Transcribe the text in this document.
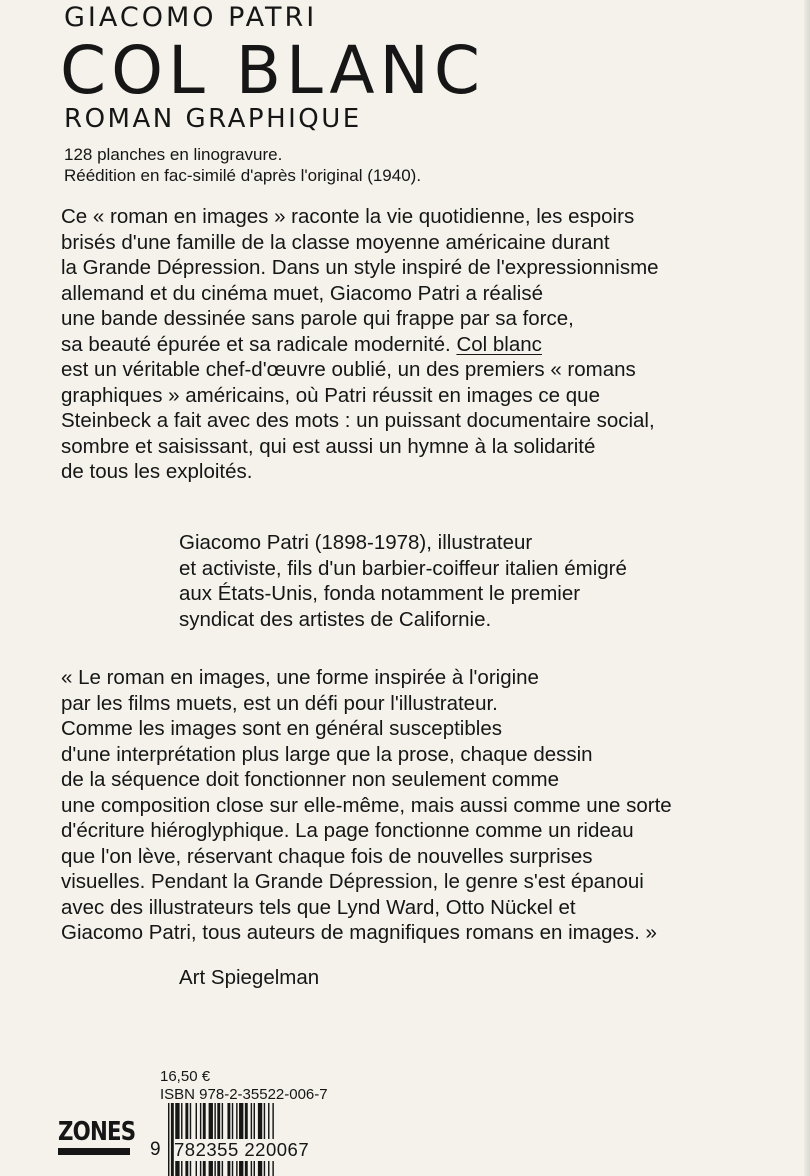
GIACOMO PATRI
COL BLANC
ROMAN GRAPHIQUE
128 planches en linogravure.
Réédition en fac-similé d'après l'original (1940).
Ce « roman en images » raconte la vie quotidienne, les espoirs
brisés d'une famille de la classe moyenne américaine durant
la Grande Dépression. Dans un style inspiré de l'expressionnisme
allemand et du cinéma muet, Giacomo Patri a réalisé
une bande dessinée sans parole qui frappe par sa force,
sa beauté épurée et sa radicale modernité. Col blanc
est un véritable chef-d'œuvre oublié, un des premiers « romans
graphiques » américains, où Patri réussit en images ce que
Steinbeck a fait avec des mots : un puissant documentaire social,
sombre et saisissant, qui est aussi un hymne à la solidarité
de tous les exploités.
Giacomo Patri (1898-1978), illustrateur
et activiste, fils d'un barbier-coiffeur italien émigré
aux États-Unis, fonda notamment le premier
syndicat des artistes de Californie.
« Le roman en images, une forme inspirée à l'origine
par les films muets, est un défi pour l'illustrateur.
Comme les images sont en général susceptibles
d'une interprétation plus large que la prose, chaque dessin
de la séquence doit fonctionner non seulement comme
une composition close sur elle-même, mais aussi comme une sorte
d'écriture hiéroglyphique. La page fonctionne comme un rideau
que l'on lève, réservant chaque fois de nouvelles surprises
visuelles. Pendant la Grande Dépression, le genre s'est épanoui
avec des illustrateurs tels que Lynd Ward, Otto Nückel et
Giacomo Patri, tous auteurs de magnifiques romans en images. »
Art Spiegelman
16,50 €
ISBN 978-2-35522-006-7
ZONES
9 782355 220067
